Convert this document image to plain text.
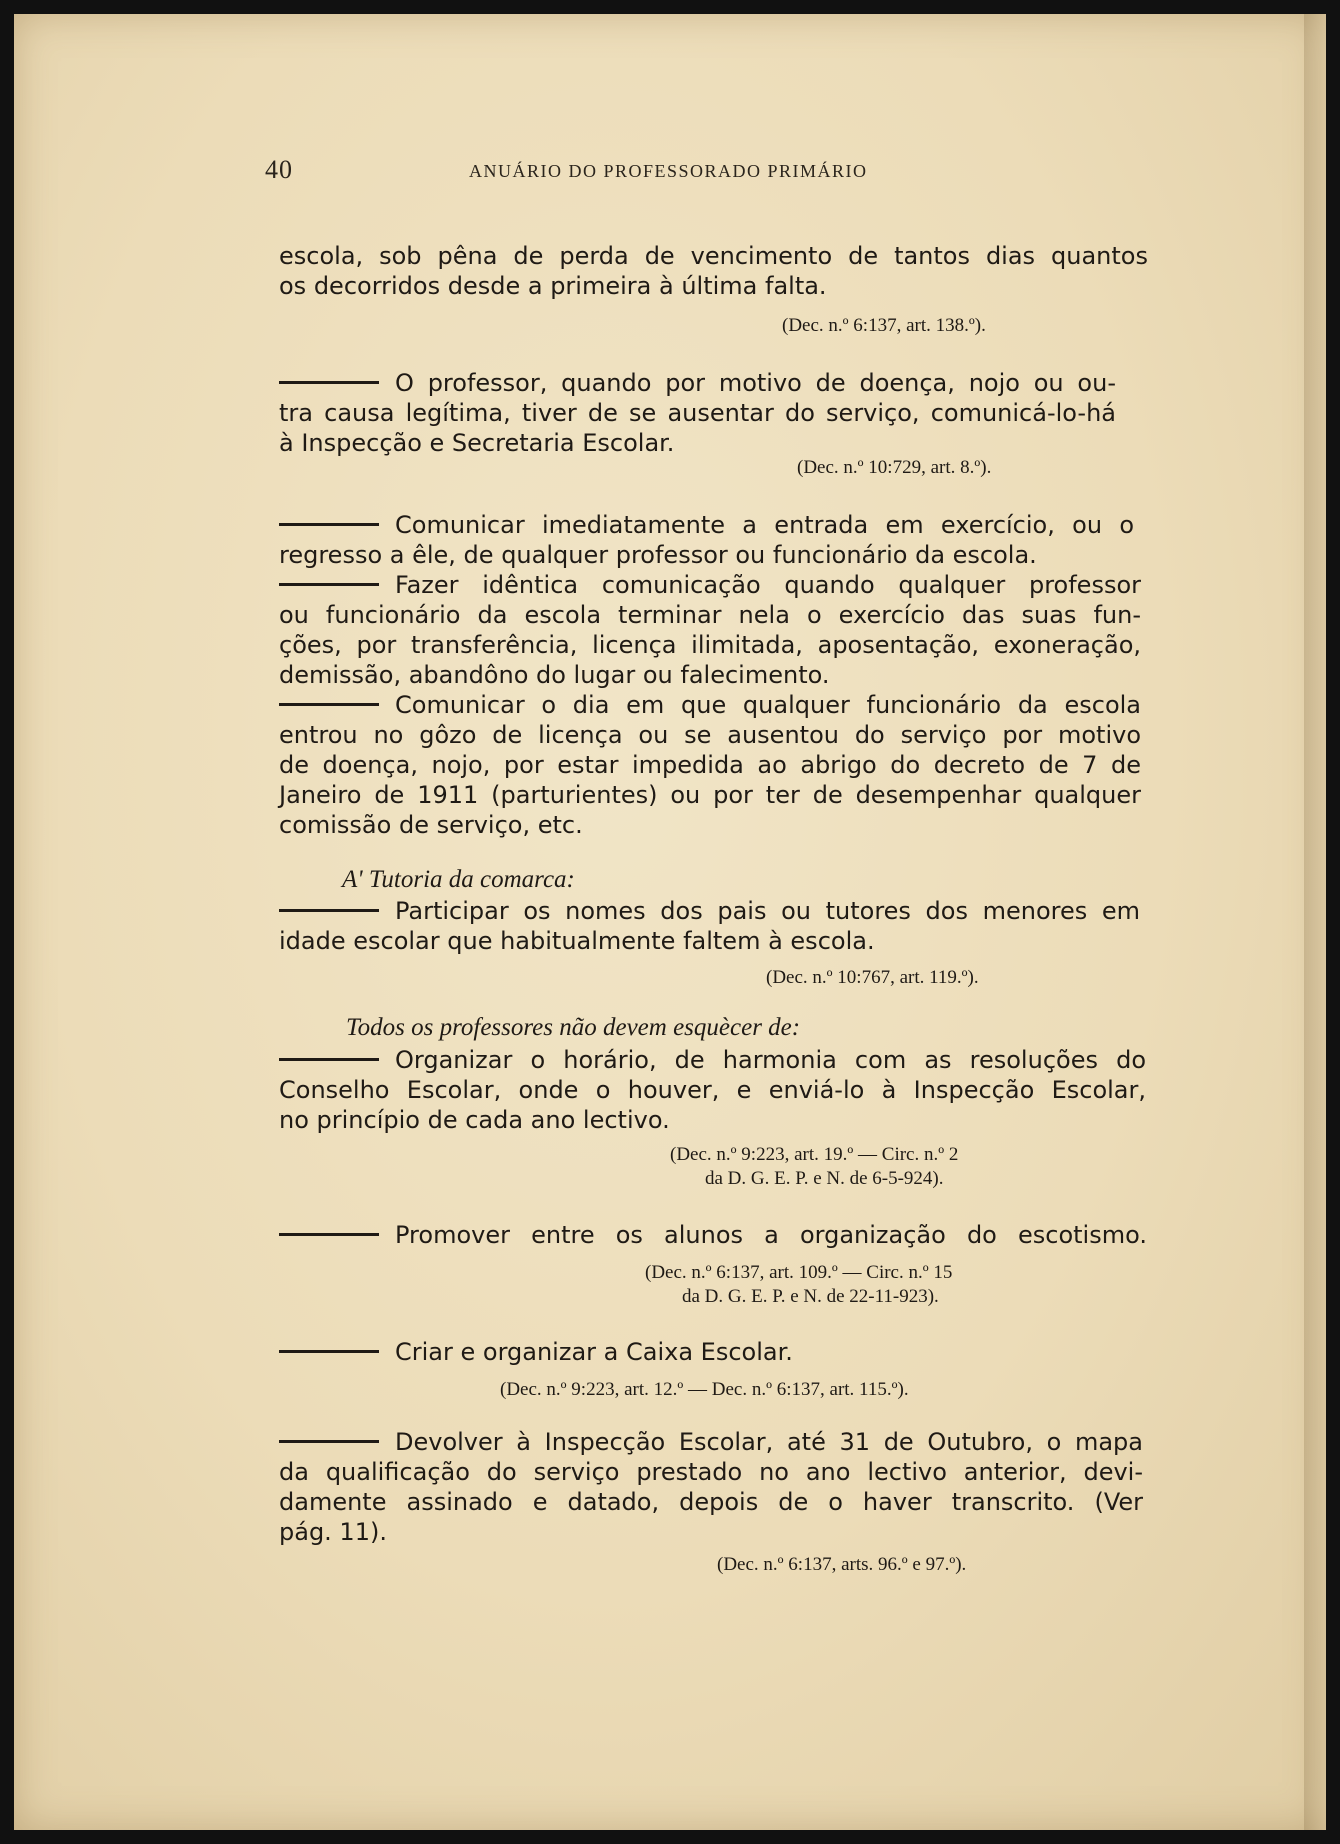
40	ANUÁRIO DO PROFESSORADO PRIMÁRIO
escola, sob pêna de perda de vencimento de tantos dias quantos
os decorridos desde a primeira à última falta.
(Dec. n.º 6:137, art. 138.º).
O professor, quando por motivo de doença, nojo ou ou-
tra causa legítima, tiver de se ausentar do serviço, comunicá-lo-há
à Inspecção e Secretaria Escolar.
(Dec. n.º 10:729, art. 8.º).
Comunicar imediatamente a entrada em exercício, ou o
regresso a êle, de qualquer professor ou funcionário da escola.
Fazer idêntica comunicação quando qualquer professor
ou funcionário da escola terminar nela o exercício das suas fun-
ções, por transferência, licença ilimitada, aposentação, exoneração,
demissão, abandôno do lugar ou falecimento.
Comunicar o dia em que qualquer funcionário da escola
entrou no gôzo de licença ou se ausentou do serviço por motivo
de doença, nojo, por estar impedida ao abrigo do decreto de 7 de
Janeiro de 1911 (parturientes) ou por ter de desempenhar qualquer
comissão de serviço, etc.
A' Tutoria da comarca:
Participar os nomes dos pais ou tutores dos menores em
idade escolar que habitualmente faltem à escola.
(Dec. n.º 10:767, art. 119.º).
Todos os professores não devem esquècer de:
Organizar o horário, de harmonia com as resoluções do
Conselho Escolar, onde o houver, e enviá-lo à Inspecção Escolar,
no princípio de cada ano lectivo.
(Dec. n.º 9:223, art. 19.º — Circ. n.º 2
da D. G. E. P. e N. de 6-5-924).
Promover entre os alunos a organização do escotismo.
(Dec. n.º 6:137, art. 109.º — Circ. n.º 15
da D. G. E. P. e N. de 22-11-923).
Criar e organizar a Caixa Escolar.
(Dec. n.º 9:223, art. 12.º — Dec. n.º 6:137, art. 115.º).
Devolver à Inspecção Escolar, até 31 de Outubro, o mapa
da qualificação do serviço prestado no ano lectivo anterior, devi-
damente assinado e datado, depois de o haver transcrito. (Ver
pág. 11).
(Dec. n.º 6:137, arts. 96.º e 97.º).
